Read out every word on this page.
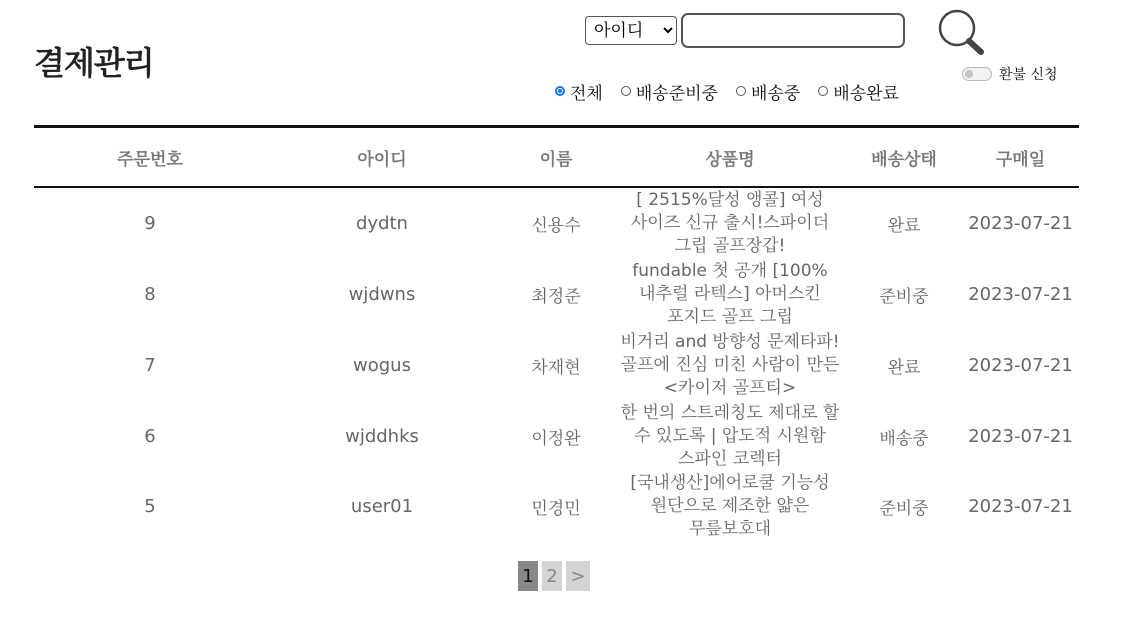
결제관리
아이디	환불 신청
전체 배송준비중 배송중 배송완료
주문번호	아이디	이름	상품명	배송상태	구매일
9	dydtn	신용수	[ 2515%달성 앵콜] 여성 사이즈 신규 출시!스파이더 그립 골프장갑!	완료	2023-07-21
8	wjdwns	최정준	fundable 첫 공개 [100% 내추럴 라텍스] 아머스킨 포지드 골프 그립	준비중	2023-07-21
7	wogus	차재현	비거리 and 방향성 문제타파! 골프에 진심 미친 사람이 만든 <카이저 골프티>	완료	2023-07-21
6	wjddhks	이정완	한 번의 스트레칭도 제대로 할 수 있도록 | 압도적 시원함 스파인 코렉터	배송중	2023-07-21
5	user01	민경민	[국내생산]에어로쿨 기능성 원단으로 제조한 얇은 무릎보호대	준비중	2023-07-21
1 2 >
